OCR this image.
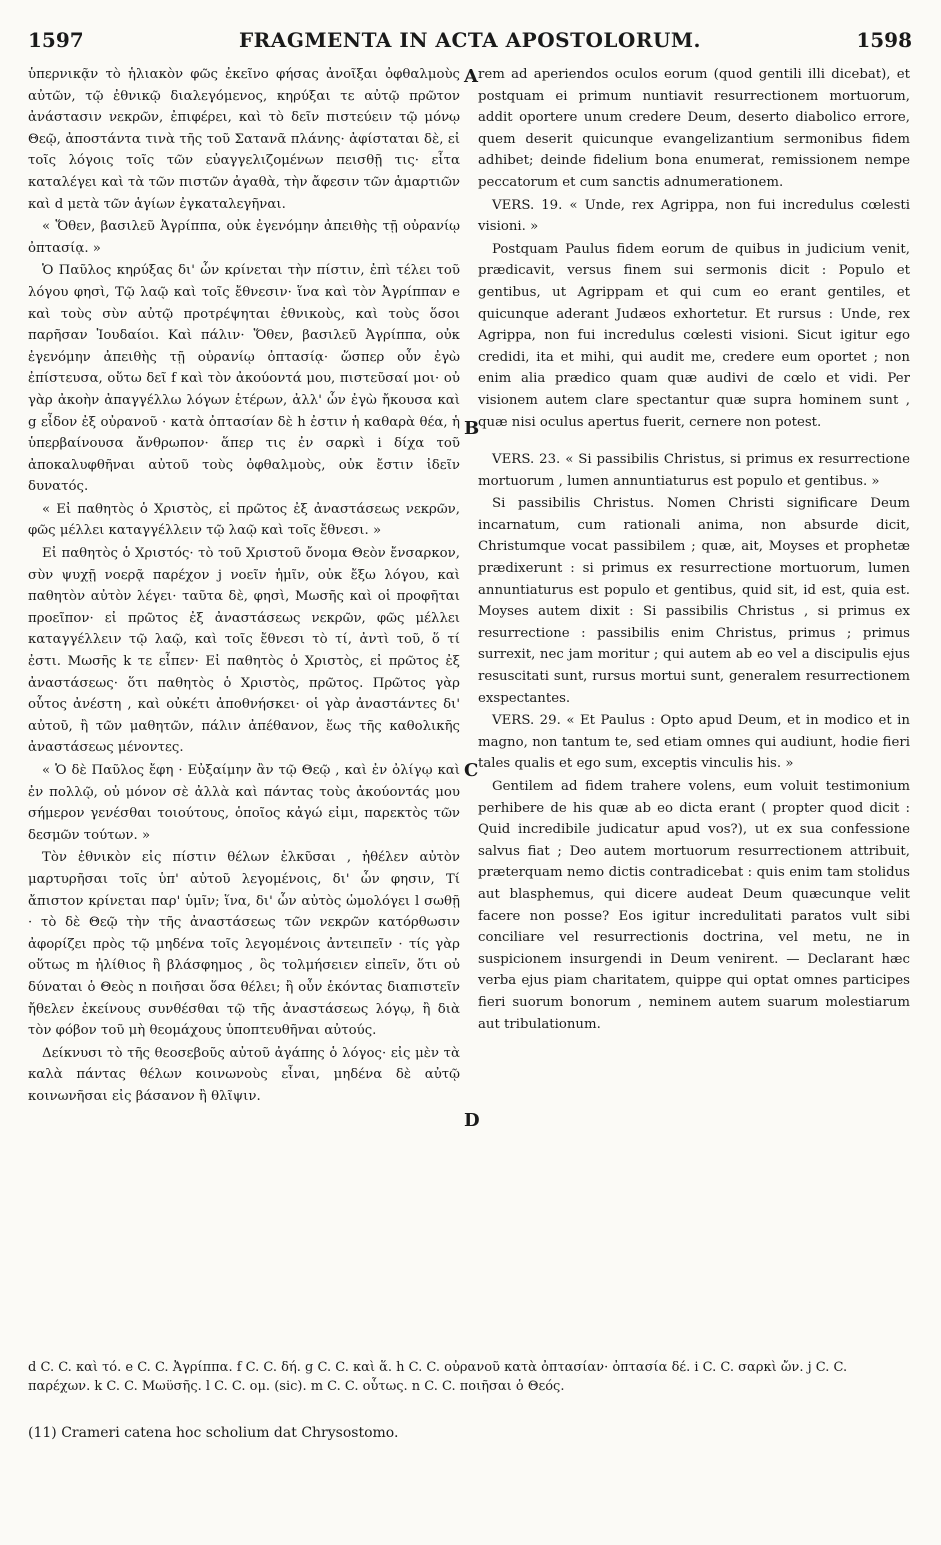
1597	FRAGMENTA IN ACTA APOSTOLORUM.	1598
A
B
C
D

ὑπερνικᾷν τὸ ἡλιακὸν φῶς ἐκεῖνο φήσας ἀνοῖξαι ὀφθαλμοὺς αὐτῶν, τῷ ἐθνικῷ διαλεγόμενος, κηρύξαι τε αὐτῷ πρῶτον ἀνάστασιν νεκρῶν, ἐπιφέρει, καὶ τὸ δεῖν πιστεύειν τῷ μόνῳ Θεῷ, ἀποστάντα τινὰ τῆς τοῦ Σατανᾶ πλάνης· ἀφίσταται δὲ, εἰ τοῖς λόγοις τοῖς τῶν εὐαγγελιζομένων πεισθῇ τις· εἶτα καταλέγει καὶ τὰ τῶν πιστῶν ἀγαθὰ, τὴν ἄφεσιν τῶν ἁμαρτιῶν καὶ d μετὰ τῶν ἁγίων ἐγκαταλεγῆναι.

« Ὅθεν, βασιλεῦ Ἀγρίππα, οὐκ ἐγενόμην ἀπειθὴς τῇ οὐρανίῳ ὀπτασίᾳ. »

Ὁ Παῦλος κηρύξας δι' ὧν κρίνεται τὴν πίστιν, ἐπὶ τέλει τοῦ λόγου φησὶ, Τῷ λαῷ καὶ τοῖς ἔθνεσιν· ἵνα καὶ τὸν Ἀγρίππαν e καὶ τοὺς σὺν αὐτῷ προτρέψηται ἐθνικοὺς, καὶ τοὺς ὅσοι παρῆσαν Ἰουδαίοι. Καὶ πάλιν· Ὅθεν, βασιλεῦ Ἀγρίππα, οὐκ ἐγενόμην ἀπειθὴς τῇ οὐρανίῳ ὀπτασίᾳ· ὥσπερ οὖν ἐγὼ ἐπίστευσα, οὕτω δεῖ f καὶ τὸν ἀκούοντά μου, πιστεῦσαί μοι· οὐ γὰρ ἀκοὴν ἀπαγγέλλω λόγων ἑτέρων, ἀλλ' ὧν ἐγὼ ἤκουσα καὶ g εἶδον ἐξ οὐρανοῦ · κατὰ ὀπτασίαν δὲ h ἐστιν ἡ καθαρὰ θέα, ἡ ὑπερβαίνουσα ἄνθρωπον· ἅπερ τις ἐν σαρκὶ i δίχα τοῦ ἀποκαλυφθῆναι αὐτοῦ τοὺς ὀφθαλμοὺς, οὐκ ἔστιν ἰδεῖν δυνατός.

« Εἰ παθητὸς ὁ Χριστὸς, εἰ πρῶτος ἐξ ἀναστάσεως νεκρῶν, φῶς μέλλει καταγγέλλειν τῷ λαῷ καὶ τοῖς ἔθνεσι. »

Εἰ παθητὸς ὁ Χριστός· τὸ τοῦ Χριστοῦ ὄνομα Θεὸν ἔνσαρκον, σὺν ψυχῇ νοερᾷ παρέχον j νοεῖν ἡμῖν, οὐκ ἔξω λόγου, καὶ παθητὸν αὐτὸν λέγει· ταῦτα δὲ, φησὶ, Μωσῆς καὶ οἱ προφῆται προεῖπον· εἰ πρῶτος ἐξ ἀναστάσεως νεκρῶν, φῶς μέλλει καταγγέλλειν τῷ λαῷ, καὶ τοῖς ἔθνεσι τὸ τί, ἀντὶ τοῦ, ὅ τί ἐστι. Μωσῆς k τε εἶπεν· Εἰ παθητὸς ὁ Χριστὸς, εἰ πρῶτος ἐξ ἀναστάσεως· ὅτι παθητὸς ὁ Χριστὸς, πρῶτος. Πρῶτος γὰρ οὗτος ἀνέστη , καὶ οὐκέτι ἀποθνήσκει· οἱ γὰρ ἀναστάντες δι' αὐτοῦ, ἢ τῶν μαθητῶν, πάλιν ἀπέθανον, ἕως τῆς καθολικῆς ἀναστάσεως μένοντες.

« Ὁ δὲ Παῦλος ἔφη · Εὐξαίμην ἂν τῷ Θεῷ , καὶ ἐν ὀλίγῳ καὶ ἐν πολλῷ, οὐ μόνον σὲ ἀλλὰ καὶ πάντας τοὺς ἀκούοντάς μου σήμερον γενέσθαι τοιούτους, ὁποῖος κἀγώ εἰμι, παρεκτὸς τῶν δεσμῶν τούτων. »

Τὸν ἐθνικὸν εἰς πίστιν θέλων ἑλκῦσαι , ἠθέλεν αὐτὸν μαρτυρῆσαι τοῖς ὑπ' αὐτοῦ λεγομένοις, δι' ὧν φησιν, Τί ἄπιστον κρίνεται παρ' ὑμῖν; ἵνα, δι' ὧν αὐτὸς ὡμολόγει l σωθῇ · τὸ δὲ Θεῷ τὴν τῆς ἀναστάσεως τῶν νεκρῶν κατόρθωσιν ἀφορίζει πρὸς τῷ μηδένα τοῖς λεγομένοις ἀντειπεῖν · τίς γὰρ οὕτως m ἠλίθιος ἢ βλάσφημος , ὃς τολμήσειεν εἰπεῖν, ὅτι οὐ δύναται ὁ Θεὸς n ποιῆσαι ὅσα θέλει; ἢ οὖν ἑκόντας διαπιστεῖν ἤθελεν ἐκείνους συνθέσθαι τῷ τῆς ἀναστάσεως λόγῳ, ἢ διὰ τὸν φόβον τοῦ μὴ θεομάχους ὑποπτευθῆναι αὐτούς.

Δείκνυσι τὸ τῆς θεοσεβοῦς αὐτοῦ ἀγάπης ὁ λόγος· εἰς μὲν τὰ καλὰ πάντας θέλων κοινωνοὺς εἶναι, μηδένα δὲ αὐτῷ κοινωνῆσαι εἰς βάσανον ἢ θλῖψιν.

rem ad aperiendos oculos eorum (quod gentili illi dicebat), et postquam ei primum nuntiavit resurrectionem mortuorum, addit oportere unum credere Deum, deserto diabolico errore, quem deserit quicunque evangelizantium sermonibus fidem adhibet; deinde fidelium bona enumerat, remissionem nempe peccatorum et cum sanctis adnumerationem.

VERS. 19. « Unde, rex Agrippa, non fui incredulus cœlesti visioni. »

Postquam Paulus fidem eorum de quibus in judicium venit, prædicavit, versus finem sui sermonis dicit : Populo et gentibus, ut Agrippam et qui cum eo erant gentiles, et quicunque aderant Judæos exhortetur. Et rursus : Unde, rex Agrippa, non fui incredulus cœlesti visioni. Sicut igitur ego credidi, ita et mihi, qui audit me, credere eum oportet ; non enim alia prædico quam quæ audivi de cœlo et vidi. Per visionem autem clare spectantur quæ supra hominem sunt , quæ nisi oculus apertus fuerit, cernere non potest.

VERS. 23. « Si passibilis Christus, si primus ex resurrectione mortuorum , lumen annuntiaturus est populo et gentibus. »

Si passibilis Christus. Nomen Christi significare Deum incarnatum, cum rationali anima, non absurde dicit, Christumque vocat passibilem ; quæ, ait, Moyses et prophetæ prædixerunt : si primus ex resurrectione mortuorum, lumen annuntiaturus est populo et gentibus, quid sit, id est, quia est. Moyses autem dixit : Si passibilis Christus , si primus ex resurrectione : passibilis enim Christus, primus ; primus surrexit, nec jam moritur ; qui autem ab eo vel a discipulis ejus resuscitati sunt, rursus mortui sunt, generalem resurrectionem exspectantes.

VERS. 29. « Et Paulus : Opto apud Deum, et in modico et in magno, non tantum te, sed etiam omnes qui audiunt, hodie fieri tales qualis et ego sum, exceptis vinculis his. »

Gentilem ad fidem trahere volens, eum voluit testimonium perhibere de his quæ ab eo dicta erant ( propter quod dicit : Quid incredibile judicatur apud vos?), ut ex sua confessione salvus fiat ; Deo autem mortuorum resurrectionem attribuit, præterquam nemo dictis contradicebat : quis enim tam stolidus aut blasphemus, qui dicere audeat Deum quæcunque velit facere non posse? Eos igitur incredulitati paratos vult sibi conciliare vel resurrectionis doctrina, vel metu, ne in suspicionem insurgendi in Deum venirent. — Declarant hæc verba ejus piam charitatem, quippe qui optat omnes participes fieri suorum bonorum , neminem autem suarum molestiarum aut tribulationum.

d C. C. καὶ τό. e C. C. Ἀγρίππα. f C. C. δή. g C. C. καὶ ἅ. h C. C. οὐρανοῦ κατὰ ὀπτασίαν· ὀπτασία δέ. i C. C. σαρκὶ ὤν. j C. C. παρέχων. k C. C. Μωϋσῆς. l C. C. ομ. (sic). m C. C. οὗτως. n C. C. ποιῆσαι ὁ Θεός.
(11) Crameri catena hoc scholium dat Chrysostomo.
